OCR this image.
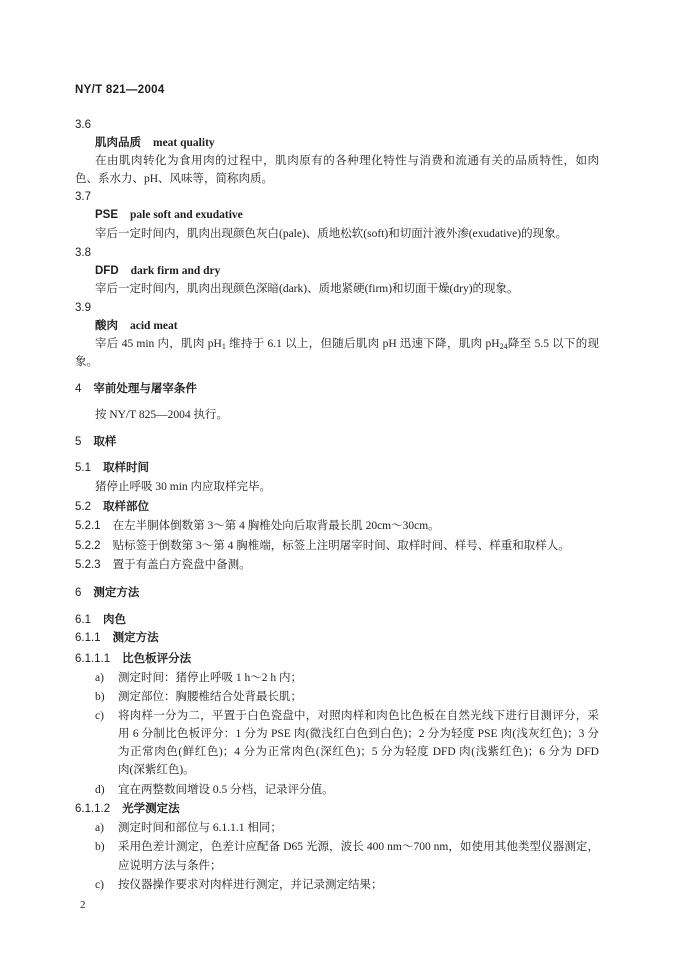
NY/T 821—2004
3.6
肌肉品质 meat quality
在由肌肉转化为食用肉的过程中，肌肉原有的各种理化特性与消费和流通有关的品质特性，如肉
色、系水力、pH、风味等，简称肉质。
3.7
PSE pale soft and exudative
宰后一定时间内，肌肉出现颜色灰白(pale)、质地松软(soft)和切面汁液外渗(exudative)的现象。
3.8
DFD dark firm and dry
宰后一定时间内，肌肉出现颜色深暗(dark)、质地紧硬(firm)和切面干燥(dry)的现象。
3.9
酸肉 acid meat
宰后 45 min 内，肌肉 $pH_1$ 维持于 6.1 以上，但随后肌肉 pH 迅速下降，肌肉 $pH_{24}$降至 5.5 以下的现
象。
4 宰前处理与屠宰条件
按 NY/T 825—2004 执行。
5 取样
5.1 取样时间
猪停止呼吸 30 min 内应取样完毕。
5.2 取样部位
5.2.1 在左半胴体倒数第 3～第 4 胸椎处向后取背最长肌 20cm～30cm。
5.2.2 贴标签于倒数第 3～第 4 胸椎端，标签上注明屠宰时间、取样时间、样号、样重和取样人。
5.2.3 置于有盖白方瓷盘中备测。
6 测定方法
6.1 肉色
6.1.1 测定方法
6.1.1.1 比色板评分法
a) 测定时间：猪停止呼吸 1 h～2 h 内；
b) 测定部位：胸腰椎结合处背最长肌；
c) 将肉样一分为二，平置于白色瓷盘中，对照肉样和肉色比色板在自然光线下进行目测评分，采
用 6 分制比色板评分：1 分为 PSE 肉(微浅红白色到白色)；2 分为轻度 PSE 肉(浅灰红色)；3 分
为正常肉色(鲜红色)；4 分为正常肉色(深红色)；5 分为轻度 DFD 肉(浅紫红色)；6 分为 DFD
肉(深紫红色)。
d) 宜在两整数间增设 0.5 分档，记录评分值。
6.1.1.2 光学测定法
a) 测定时间和部位与 6.1.1.1 相同；
b) 采用色差计测定，色差计应配备 D65 光源，波长 400 nm～700 nm，如使用其他类型仪器测定，
应说明方法与条件；
c) 按仪器操作要求对肉样进行测定，并记录测定结果；
2
